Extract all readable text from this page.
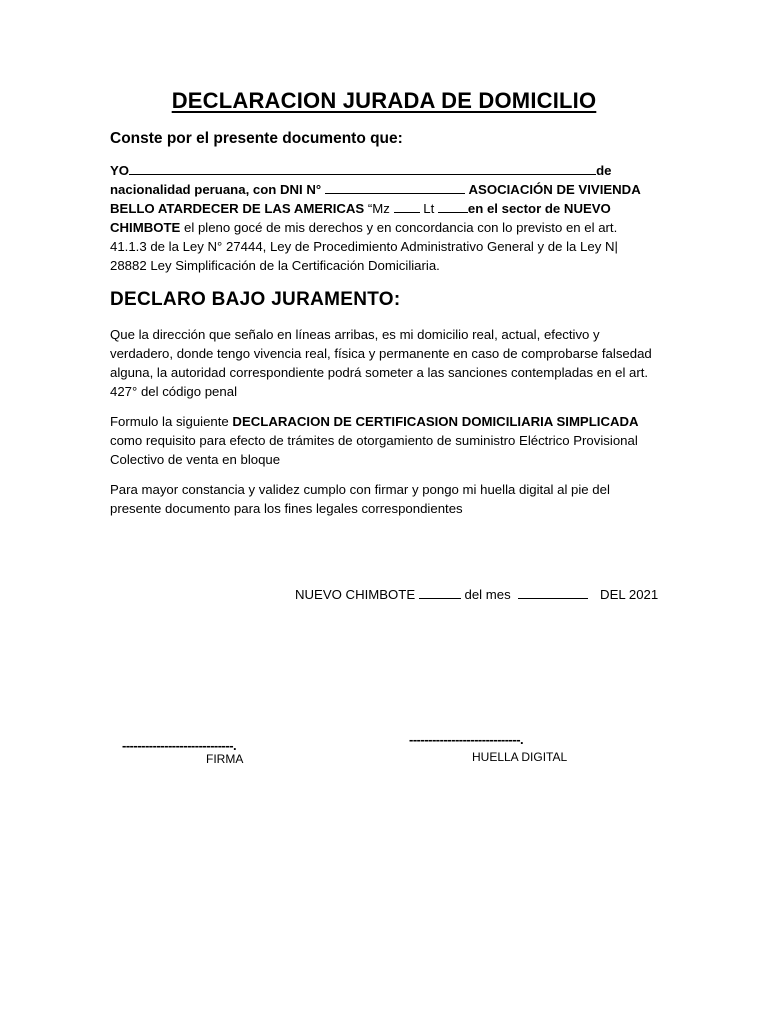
DECLARACION JURADA DE DOMICILIO
Conste por el presente documento que:
YO	de nacionalidad peruana, con DNI N°	ASOCIACIÓN DE VIVIENDA BELLO ATARDECER DE LAS AMERICAS “Mz	Lt	en el sector de NUEVO CHIMBOTE el pleno gocé de mis derechos y en concordancia con lo previsto en el art. 41.1.3 de la Ley N° 27444, Ley de Procedimiento Administrativo General y de la Ley N| 28882 Ley Simplificación de la Certificación Domiciliaria.
DECLARO BAJO JURAMENTO:
Que la dirección que señalo en líneas arribas, es mi domicilio real, actual, efectivo y verdadero, donde tengo vivencia real, física y permanente en caso de comprobarse falsedad alguna, la autoridad correspondiente podrá someter a las sanciones contempladas en el art. 427° del código penal
Formulo la siguiente DECLARACION DE CERTIFICASION DOMICILIARIA SIMPLICADA como requisito para efecto de trámites de otorgamiento de suministro Eléctrico Provisional Colectivo de venta en bloque
Para mayor constancia y validez cumplo con firmar y pongo mi huella digital al pie del presente documento para los fines legales correspondientes
NUEVO CHIMBOTE	del mes	DEL 2021
-----------------------------.
FIRMA
-----------------------------.
HUELLA DIGITAL
